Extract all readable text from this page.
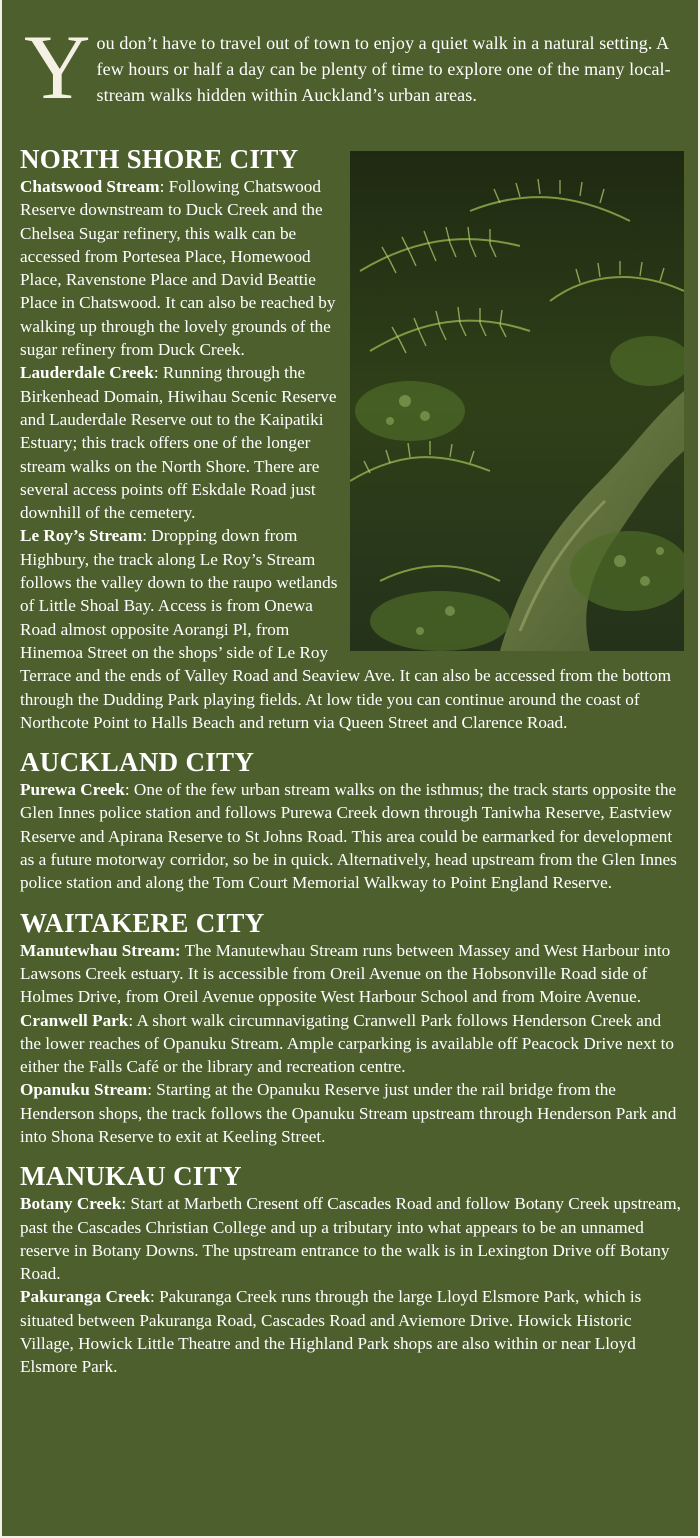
You don’t have to travel out of town to enjoy a quiet walk in a natural setting. A few hours or half a day can be plenty of time to explore one of the many local-stream walks hidden within Auckland’s urban areas.
NORTH SHORE CITY

Chatswood Stream: Following Chatswood Reserve downstream to Duck Creek and the Chelsea Sugar refinery, this walk can be accessed from Portesea Place, Homewood Place, Ravenstone Place and David Beattie Place in Chatswood. It can also be reached by walking up through the lovely grounds of the sugar refinery from Duck Creek.

Lauderdale Creek: Running through the Birkenhead Domain, Hiwihau Scenic Reserve and Lauderdale Reserve out to the Kaipatiki Estuary; this track offers one of the longer stream walks on the North Shore. There are several access points off Eskdale Road just downhill of the cemetery.

Le Roy’s Stream: Dropping down from Highbury, the track along Le Roy’s Stream follows the valley down to the raupo wetlands of Little Shoal Bay. Access is from Onewa Road almost opposite Aorangi Pl, from Hinemoa Street on the shops’ side of Le Roy Terrace and the ends of Valley Road and Seaview Ave. It can also be accessed from the bottom through the Dudding Park playing fields. At low tide you can continue around the coast of Northcote Point to Halls Beach and return via Queen Street and Clarence Road.

AUCKLAND CITY

Purewa Creek: One of the few urban stream walks on the isthmus; the track starts opposite the Glen Innes police station and follows Purewa Creek down through Taniwha Reserve, Eastview Reserve and Apirana Reserve to St Johns Road. This area could be earmarked for development as a future motorway corridor, so be in quick. Alternatively, head upstream from the Glen Innes police station and along the Tom Court Memorial Walkway to Point England Reserve.

WAITAKERE CITY

Manutewhau Stream: The Manutewhau Stream runs between Massey and West Harbour into Lawsons Creek estuary. It is accessible from Oreil Avenue on the Hobsonville Road side of Holmes Drive, from Oreil Avenue opposite West Harbour School and from Moire Avenue.

Cranwell Park: A short walk circumnavigating Cranwell Park follows Henderson Creek and the lower reaches of Opanuku Stream. Ample carparking is available off Peacock Drive next to either the Falls Café or the library and recreation centre.

Opanuku Stream: Starting at the Opanuku Reserve just under the rail bridge from the Henderson shops, the track follows the Opanuku Stream upstream through Henderson Park and into Shona Reserve to exit at Keeling Street.

MANUKAU CITY

Botany Creek: Start at Marbeth Cresent off Cascades Road and follow Botany Creek upstream, past the Cascades Christian College and up a tributary into what appears to be an unnamed reserve in Botany Downs. The upstream entrance to the walk is in Lexington Drive off Botany Road.

Pakuranga Creek: Pakuranga Creek runs through the large Lloyd Elsmore Park, which is situated between Pakuranga Road, Cascades Road and Aviemore Drive. Howick Historic Village, Howick Little Theatre and the Highland Park shops are also within or near Lloyd Elsmore Park.
